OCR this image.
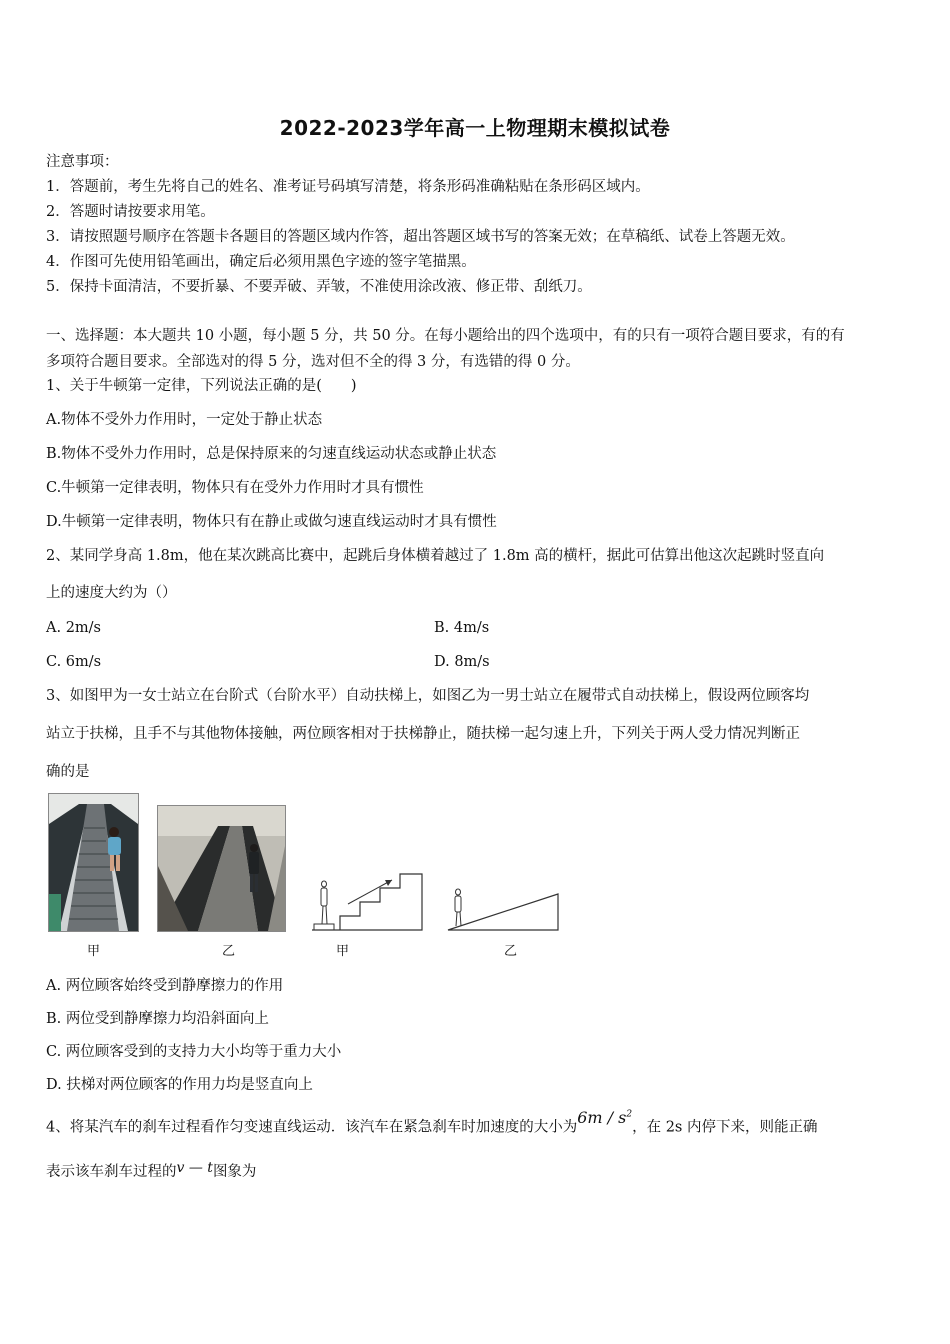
2022-2023学年高一上物理期末模拟试卷
注意事项：
1．答题前，考生先将自己的姓名、准考证号码填写清楚，将条形码准确粘贴在条形码区域内。
2．答题时请按要求用笔。
3．请按照题号顺序在答题卡各题目的答题区域内作答，超出答题区域书写的答案无效；在草稿纸、试卷上答题无效。
4．作图可先使用铅笔画出，确定后必须用黑色字迹的签字笔描黑。
5．保持卡面清洁，不要折暴、不要弄破、弄皱，不准使用涂改液、修正带、刮纸刀。
一、选择题：本大题共 10 小题，每小题 5 分，共 50 分。在每小题给出的四个选项中，有的只有一项符合题目要求，有的有
多项符合题目要求。全部选对的得 5 分，选对但不全的得 3 分，有选错的得 0 分。
1、关于牛顿第一定律，下列说法正确的是(　　)
A.物体不受外力作用时，一定处于静止状态
B.物体不受外力作用时，总是保持原来的匀速直线运动状态或静止状态
C.牛顿第一定律表明，物体只有在受外力作用时才具有惯性
D.牛顿第一定律表明，物体只有在静止或做匀速直线运动时才具有惯性
2、某同学身高 1.8m，他在某次跳高比赛中，起跳后身体横着越过了 1.8m 高的横杆，据此可估算出他这次起跳时竖直向
上的速度大约为（）
A. 2m/s	B. 4m/s
C. 6m/s	D. 8m/s
3、如图甲为一女士站立在台阶式（台阶水平）自动扶梯上，如图乙为一男士站立在履带式自动扶梯上，假设两位顾客均
站立于扶梯，且手不与其他物体接触，两位顾客相对于扶梯静止，随扶梯一起匀速上升，下列关于两人受力情况判断正
确的是
甲	乙	甲	乙
A. 两位顾客始终受到静摩擦力的作用
B. 两位受到静摩擦力均沿斜面向上
C. 两位顾客受到的支持力大小均等于重力大小
D. 扶梯对两位顾客的作用力均是竖直向上
4、将某汽车的刹车过程看作匀变速直线运动．该汽车在紧急刹车时加速度的大小为$6m / s^2$，在 2s 内停下来，则能正确
表示该车刹车过程的v — t图象为
